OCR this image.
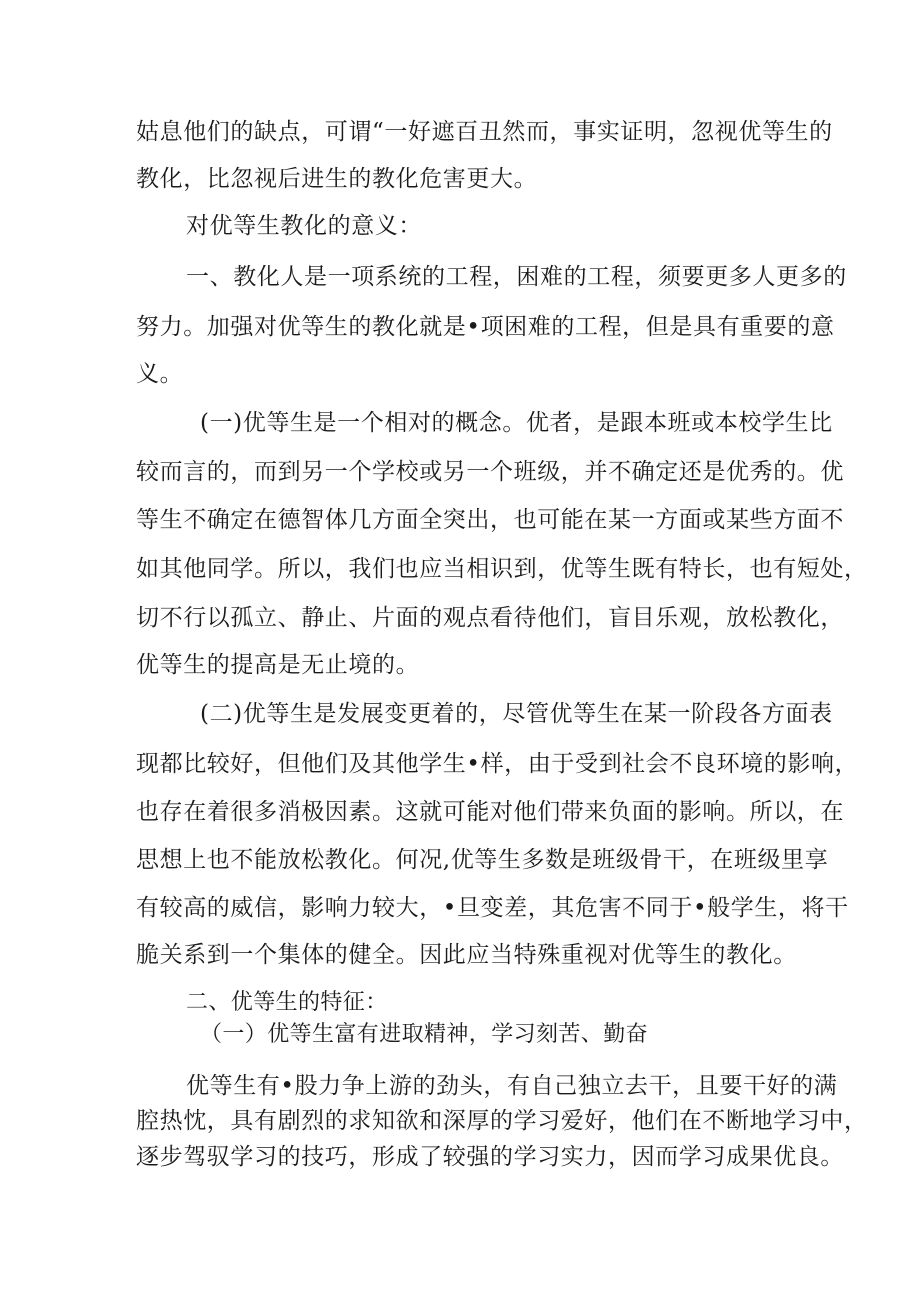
姑息他们的缺点，可谓“一好遮百丑然而，事实证明，忽视优等生的
教化，比忽视后进生的教化危害更大。
对优等生教化的意义：
一、教化人是一项系统的工程，困难的工程，须要更多人更多的
努力。加强对优等生的教化就是•项困难的工程，但是具有重要的意
义。
(一)优等生是一个相对的概念。优者，是跟本班或本校学生比
较而言的，而到另一个学校或另一个班级，并不确定还是优秀的。优
等生不确定在德智体几方面全突出，也可能在某一方面或某些方面不
如其他同学。所以，我们也应当相识到，优等生既有特长，也有短处，
切不行以孤立、静止、片面的观点看待他们，盲目乐观，放松教化，
优等生的提高是无止境的。
(二)优等生是发展变更着的，尽管优等生在某一阶段各方面表
现都比较好，但他们及其他学生•样，由于受到社会不良环境的影响，
也存在着很多消极因素。这就可能对他们带来负面的影响。所以，在
思想上也不能放松教化。何况,优等生多数是班级骨干，在班级里享
有较高的威信，影响力较大，•旦变差，其危害不同于•般学生，将干
脆关系到一个集体的健全。因此应当特殊重视对优等生的教化。
二、优等生的特征：
（一）优等生富有进取精神，学习刻苦、勤奋
优等生有•股力争上游的劲头，有自己独立去干，且要干好的满
腔热忱，具有剧烈的求知欲和深厚的学习爱好，他们在不断地学习中，
逐步驾驭学习的技巧，形成了较强的学习实力，因而学习成果优良。
